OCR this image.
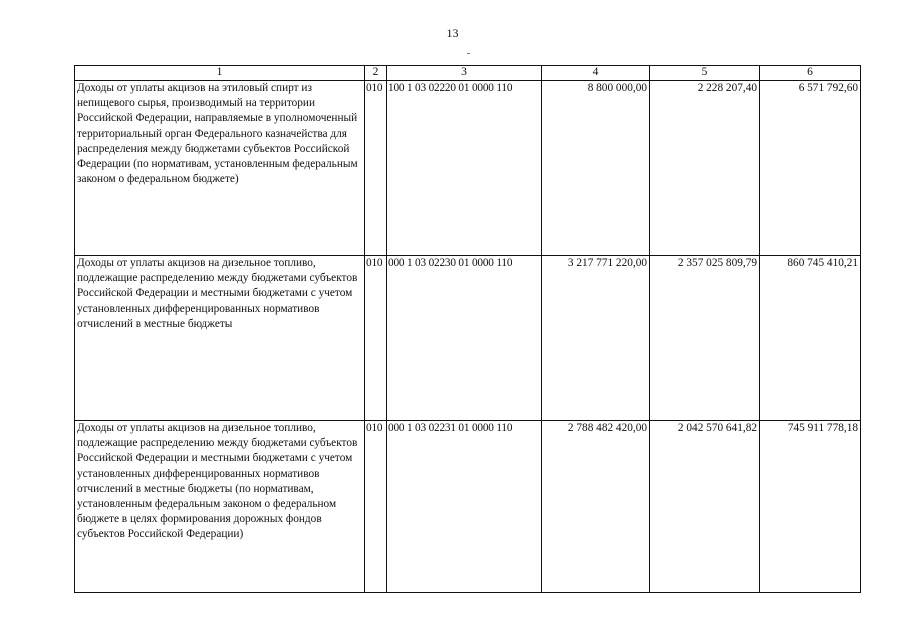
13
1	2	3	4	5	6
Доходы от уплаты акцизов на этиловый спирт из непищевого сырья, производимый на территории Российской Федерации, направляемые в уполномоченный территориальный орган Федерального казначейства для распределения между бюджетами субъектов Российской Федерации (по нормативам, установленным федеральным законом о федеральном бюджете)	010	100 1 03 02220 01 0000 110	8 800 000,00	2 228 207,40	6 571 792,60
Доходы от уплаты акцизов на дизельное топливо, подлежащие распределению между бюджетами субъектов Российской Федерации и местными бюджетами с учетом установленных дифференцированных нормативов отчислений в местные бюджеты	010	000 1 03 02230 01 0000 110	3 217 771 220,00	2 357 025 809,79	860 745 410,21
Доходы от уплаты акцизов на дизельное топливо, подлежащие распределению между бюджетами субъектов Российской Федерации и местными бюджетами с учетом установленных дифференцированных нормативов отчислений в местные бюджеты (по нормативам, установленным федеральным законом о федеральном бюджете в целях формирования дорожных фондов субъектов Российской Федерации)	010	000 1 03 02231 01 0000 110	2 788 482 420,00	2 042 570 641,82	745 911 778,18
